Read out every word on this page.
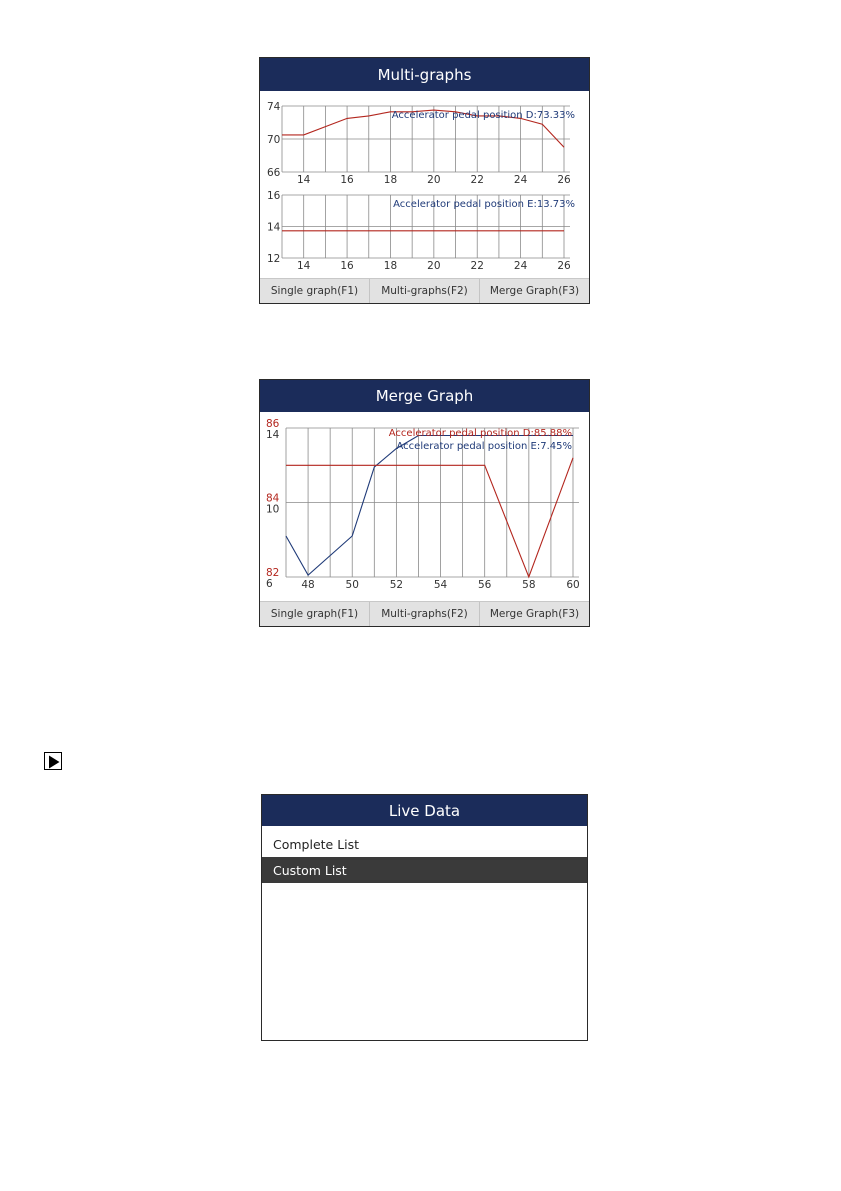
Multi-graphs
14	16	18	20	22	24	26
74
70
66
Accelerator pedal position D:73.33%
14	16	18	20	22	24	26
16
14
12
Accelerator pedal position E:13.73%
Single graph(F1)	Multi-graphs(F2)	Merge Graph(F3)
Merge Graph
48	50	52	54	56	58	60
86
14
84
10
82
6
Accelerator pedal position D:85.88%
Accelerator pedal position E:7.45%
Single graph(F1)	Multi-graphs(F2)	Merge Graph(F3)
Live Data
Complete List
Custom List
